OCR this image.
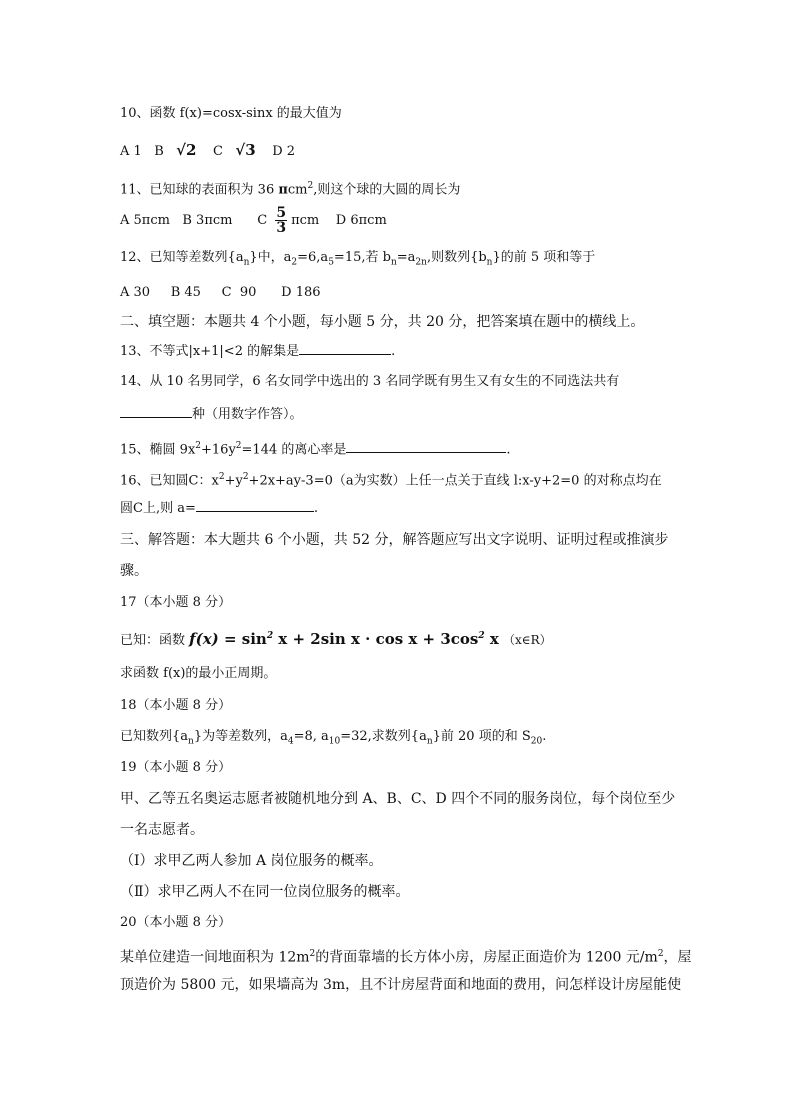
10、函数 f(x)=cosx-sinx 的最大值为
A 1 B √2 C √3 D 2
11、已知球的表面积为 36 πcm$^2$,则这个球的大圆的周长为
A 5πcm B 3πcm C $\frac{5}{3}$ πcm D 6πcm
12、已知等差数列$\{a_n\}$中，$a_2=6,a_5=15$,若 $b_n=a_{2n}$,则数列$\{b_n\}$的前 5 项和等于
A 30     B 45     C  90      D 186
二、填空题：本题共 4 个小题，每小题 5 分，共 20 分，把答案填在题中的横线上。
13、不等式|x+1|<2 的解集是	.
14、从 10 名男同学，6 名女同学中选出的 3 名同学既有男生又有女生的不同选法共有
种（用数字作答）。
15、椭圆 $9x^2+16y^2=144$ 的离心率是	.
16、已知圆C：$x^2+y^2+2x+ay-3=0(a$为实数）上任一点关于直线 l:x-y+2=0 的对称点均在
圆C上,则 a=	.
三、解答题：本大题共 6 个小题，共 52 分，解答题应写出文字说明、证明过程或推演步
骤。
17（本小题 8 分）
已知：函数 $f(x) = \sin^2 x + 2\sin$ $x \cdot \cos x + 3\cos^2$ x （x∈R）
求函数 f(x)的最小正周期。
18（本小题 8 分）
已知数列$\{a_n\}$为等差数列，$a_4=8$, $a_{10}=32$,求数列$\{a_n\}$前 20 项的和 $S_{20}$.
19（本小题 8 分）
甲、乙等五名奥运志愿者被随机地分到 A、B、C、D 四个不同的服务岗位，每个岗位至少
一名志愿者。
（Ⅰ）求甲乙两人参加 A 岗位服务的概率。
（Ⅱ）求甲乙两人不在同一位岗位服务的概率。
20（本小题 8 分）
某单位建造一间地面积为 $12m^2$的背面靠墙的长方体小房，房屋正面造价为 1200 元$/m^2$，屋
顶造价为 5800 元，如果墙高为 3m，且不计房屋背面和地面的费用，问怎样设计房屋能使
